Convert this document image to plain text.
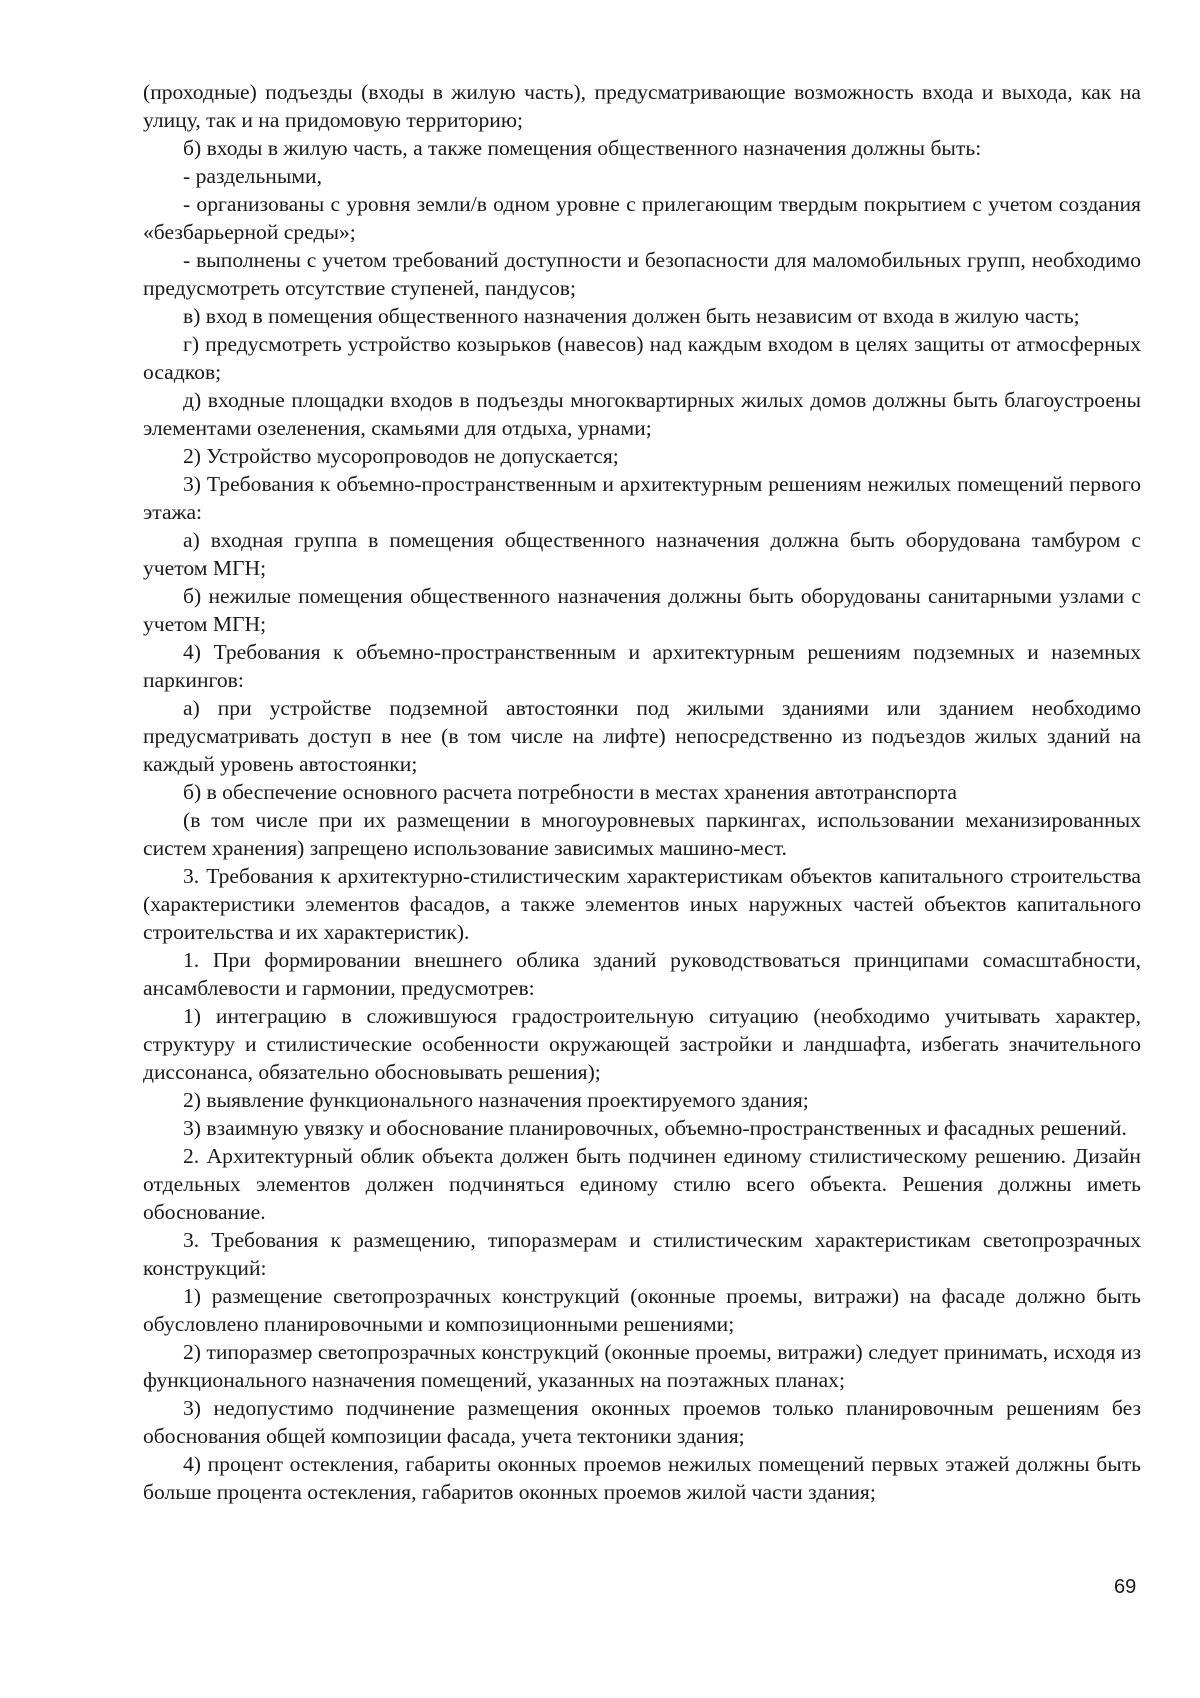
(проходные) подъезды (входы в жилую часть), предусматривающие возможность входа и выхода, как на улицу, так и на придомовую территорию;

б) входы в жилую часть, а также помещения общественного назначения должны быть:

- раздельными,

- организованы с уровня земли/в одном уровне с прилегающим твердым покрытием с учетом создания «безбарьерной среды»;

- выполнены с учетом требований доступности и безопасности для маломобильных групп, необходимо предусмотреть отсутствие ступеней, пандусов;

в) вход в помещения общественного назначения должен быть независим от входа в жилую часть;

г) предусмотреть устройство козырьков (навесов) над каждым входом в целях защиты от атмосферных осадков;

д) входные площадки входов в подъезды многоквартирных жилых домов должны быть благоустроены элементами озеленения, скамьями для отдыха, урнами;

2) Устройство мусоропроводов не допускается;

3) Требования к объемно-пространственным и архитектурным решениям нежилых помещений первого этажа:

а) входная группа в помещения общественного назначения должна быть оборудована тамбуром с учетом МГН;

б) нежилые помещения общественного назначения должны быть оборудованы санитарными узлами с учетом МГН;

4) Требования к объемно-пространственным и архитектурным решениям подземных и наземных паркингов:

а) при устройстве подземной автостоянки под жилыми зданиями или зданием необходимо предусматривать доступ в нее (в том числе на лифте) непосредственно из подъездов жилых зданий на каждый уровень автостоянки;

б) в обеспечение основного расчета потребности в местах хранения автотранспорта

(в том числе при их размещении в многоуровневых паркингах, использовании механизированных систем хранения) запрещено использование зависимых машино-мест.

3. Требования к архитектурно-стилистическим характеристикам объектов капитального строительства (характеристики элементов фасадов, а также элементов иных наружных частей объектов капитального строительства и их характеристик).

1. При формировании внешнего облика зданий руководствоваться принципами сомасштабности, ансамблевости и гармонии, предусмотрев:

1) интеграцию в сложившуюся градостроительную ситуацию (необходимо учитывать характер, структуру и стилистические особенности окружающей застройки и ландшафта, избегать значительного диссонанса, обязательно обосновывать решения);

2) выявление функционального назначения проектируемого здания;

3) взаимную увязку и обоснование планировочных, объемно-пространственных и фасадных решений.

2. Архитектурный облик объекта должен быть подчинен единому стилистическому решению. Дизайн отдельных элементов должен подчиняться единому стилю всего объекта. Решения должны иметь обоснование.

3. Требования к размещению, типоразмерам и стилистическим характеристикам светопрозрачных конструкций:

1) размещение светопрозрачных конструкций (оконные проемы, витражи) на фасаде должно быть обусловлено планировочными и композиционными решениями;

2) типоразмер светопрозрачных конструкций (оконные проемы, витражи) следует принимать, исходя из функционального назначения помещений, указанных на поэтажных планах;

3) недопустимо подчинение размещения оконных проемов только планировочным решениям без обоснования общей композиции фасада, учета тектоники здания;

4) процент остекления, габариты оконных проемов нежилых помещений первых этажей должны быть больше процента остекления, габаритов оконных проемов жилой части здания;

69
